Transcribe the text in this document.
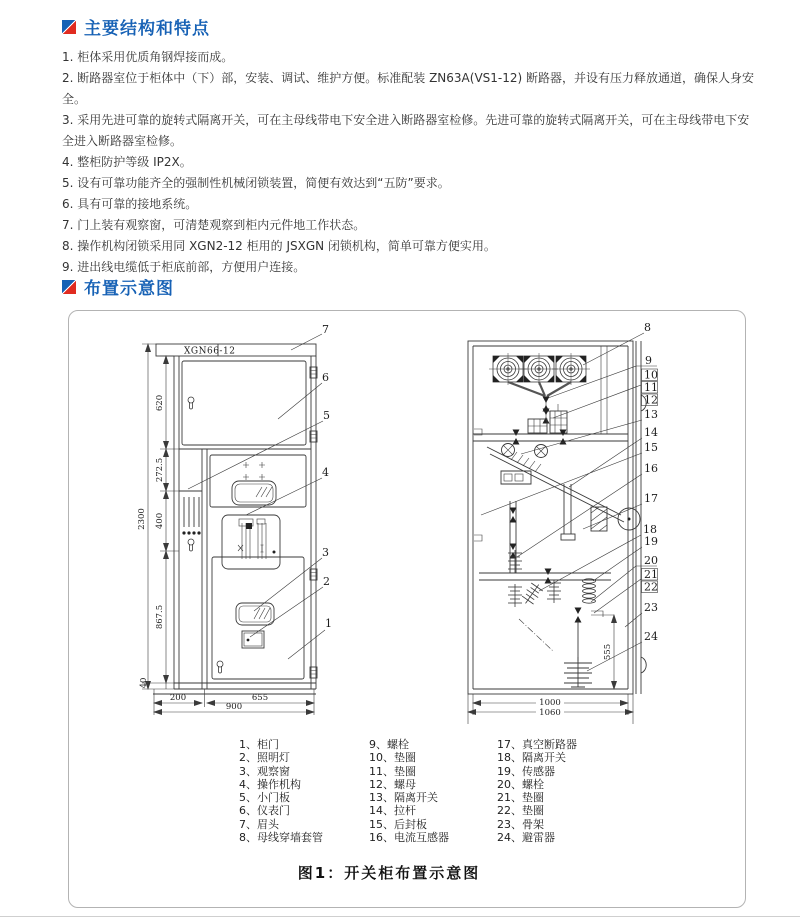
主要结构和特点

1. 柜体采用优质角钢焊接而成。

2. 断路器室位于柜体中（下）部，安装、调试、维护方便。标准配装 ZN63A(VS1-12) 断路器，并设有压力释放通道，确保人身安全。

3. 采用先进可靠的旋转式隔离开关，可在主母线带电下安全进入断路器室检修。先进可靠的旋转式隔离开关，可在主母线带电下安全进入断路器室检修。

4. 整柜防护等级 IP2X。

5. 设有可靠功能齐全的强制性机械闭锁装置，简便有效达到“五防”要求。

6. 具有可靠的接地系统。

7. 门上装有观察窗，可清楚观察到柜内元件地工作状态。

8. 操作机构闭锁采用同 XGN2-12 柜用的 JSXGN 闭锁机构，简单可靠方便实用。

9. 进出线电缆低于柜底前部，方便用户连接。

布置示意图
XGN66-12
620
272.5
400
867.5
40
2300
200	655
900
7
6
5
4
3
2
1
555
1000
1060
8
9
10
11
12
13
14
15
16
17
18
19
20
21
22
23
24
1、柜门
2、照明灯
3、观察窗
4、操作机构
5、小门板
6、仪表门
7、眉头
8、母线穿墙套管
9、螺栓
10、垫圈
11、垫圈
12、螺母
13、隔离开关
14、拉杆
15、后封板
16、电流互感器
17、真空断路器
18、隔离开关
19、传感器
20、螺栓
21、垫圈
22、垫圈
23、骨架
24、避雷器
图1：开关柜布置示意图
